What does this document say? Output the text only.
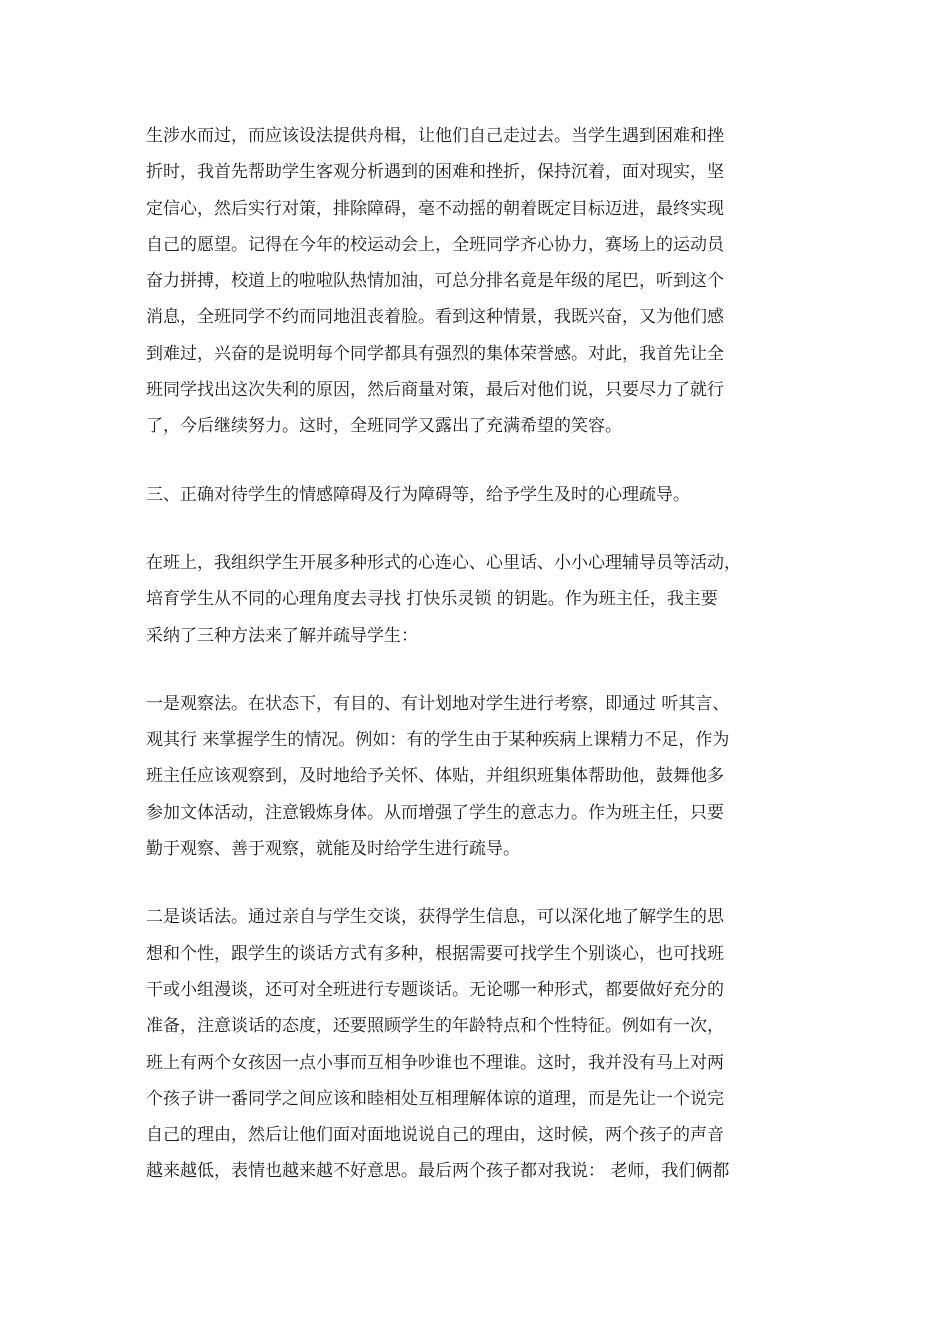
生涉水而过，而应该设法提供舟楫，让他们自己走过去。当学生遇到困难和挫
折时，我首先帮助学生客观分析遇到的困难和挫折，保持沉着，面对现实，坚
定信心，然后实行对策，排除障碍，毫不动摇的朝着既定目标迈进，最终实现
自己的愿望。记得在今年的校运动会上，全班同学齐心协力，赛场上的运动员
奋力拼搏，校道上的啦啦队热情加油，可总分排名竟是年级的尾巴，听到这个
消息，全班同学不约而同地沮丧着脸。看到这种情景，我既兴奋，又为他们感
到难过，兴奋的是说明每个同学都具有强烈的集体荣誉感。对此，我首先让全
班同学找出这次失利的原因，然后商量对策，最后对他们说，只要尽力了就行
了，今后继续努力。这时，全班同学又露出了充满希望的笑容。
三、正确对待学生的情感障碍及行为障碍等，给予学生及时的心理疏导。
在班上，我组织学生开展多种形式的心连心、心里话、小小心理辅导员等活动，
培育学生从不同的心理角度去寻找 打快乐灵锁 的钥匙。作为班主任，我主要
采纳了三种方法来了解并疏导学生：
一是观察法。在状态下，有目的、有计划地对学生进行考察，即通过 听其言、
观其行 来掌握学生的情况。例如：有的学生由于某种疾病上课精力不足，作为
班主任应该观察到，及时地给予关怀、体贴，并组织班集体帮助他，鼓舞他多
参加文体活动，注意锻炼身体。从而增强了学生的意志力。作为班主任，只要
勤于观察、善于观察，就能及时给学生进行疏导。
二是谈话法。通过亲自与学生交谈，获得学生信息，可以深化地了解学生的思
想和个性，跟学生的谈话方式有多种，根据需要可找学生个别谈心，也可找班
干或小组漫谈，还可对全班进行专题谈话。无论哪一种形式，都要做好充分的
准备，注意谈话的态度，还要照顾学生的年龄特点和个性特征。例如有一次，
班上有两个女孩因一点小事而互相争吵谁也不理谁。这时，我并没有马上对两
个孩子讲一番同学之间应该和睦相处互相理解体谅的道理，而是先让一个说完
自己的理由，然后让他们面对面地说说自己的理由，这时候，两个孩子的声音
越来越低，表情也越来越不好意思。最后两个孩子都对我说： 老师，我们俩都
